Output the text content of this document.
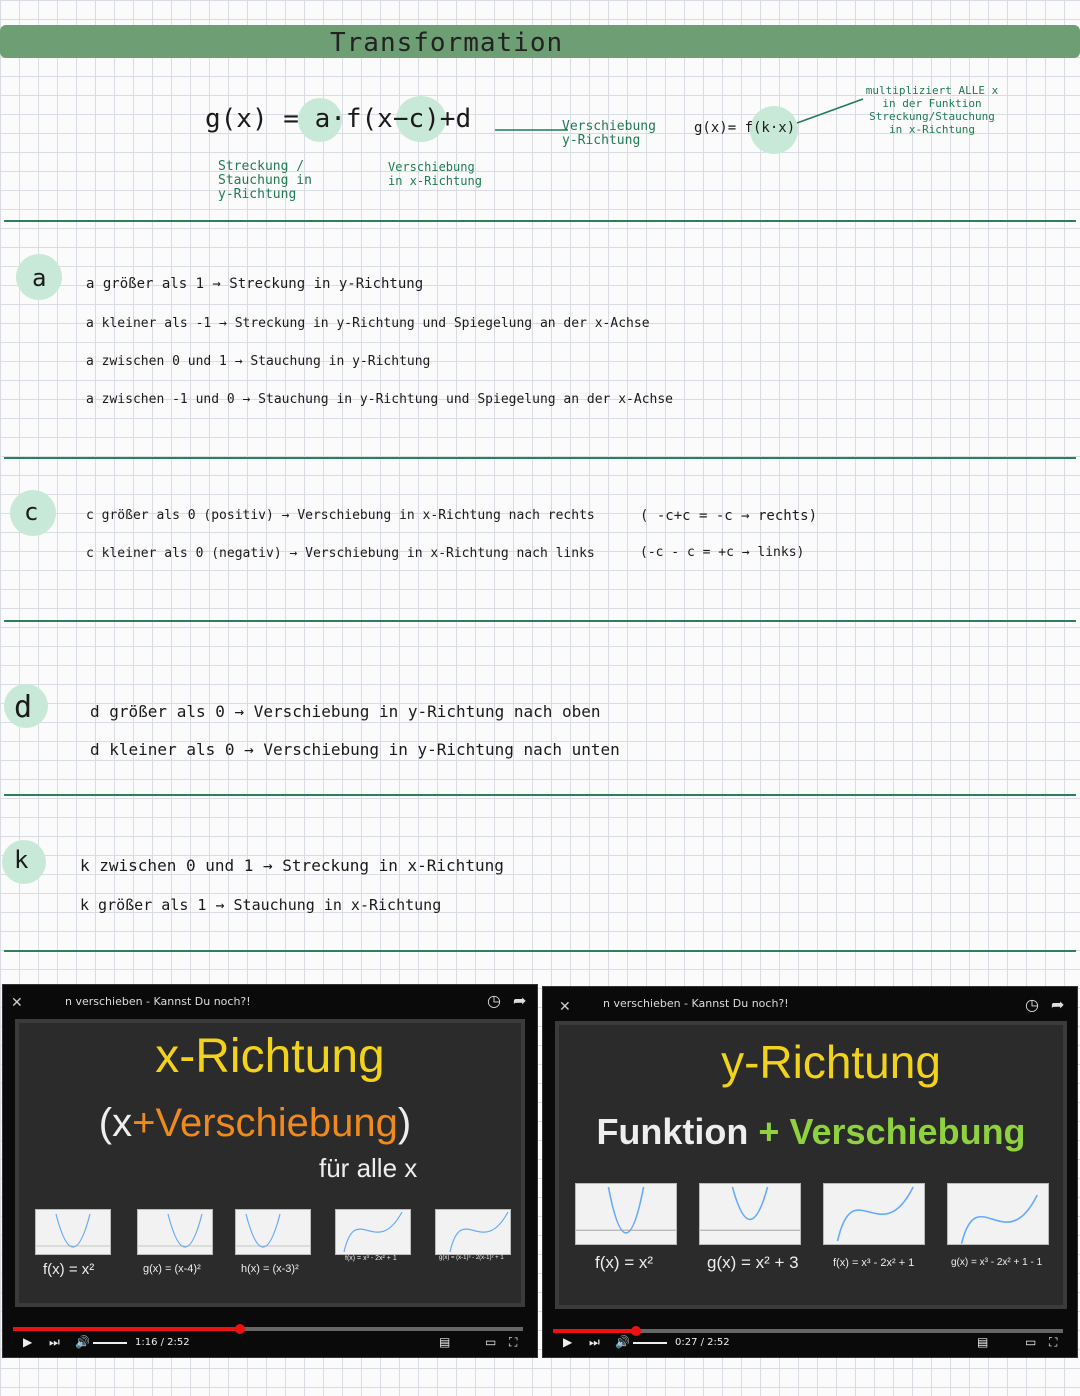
Transformation
g(x) = a·f(x−c)+d
Streckung / Stauchung in y-Richtung
Verschiebung in x-Richtung
Verschiebung y-Richtung
g(x)= f(k·x)
multipliziert ALLE x in der Funktion Streckung/Stauchung in x-Richtung
a	a größer als 1 → Streckung in y-Richtung
a kleiner als -1 → Streckung in y-Richtung und Spiegelung an der x-Achse
a zwischen 0 und 1 → Stauchung in y-Richtung
a zwischen -1 und 0 → Stauchung in y-Richtung und Spiegelung an der x-Achse
c	c größer als 0 (positiv) → Verschiebung in x-Richtung nach rechts
c kleiner als 0 (negativ) → Verschiebung in x-Richtung nach links
( -c+c = -c → rechts)
(-c - c = +c → links)
d	d größer als 0 → Verschiebung in y-Richtung nach oben
d kleiner als 0 → Verschiebung in y-Richtung nach unten
k	k zwischen 0 und 1 → Streckung in x-Richtung
k größer als 1 → Stauchung in x-Richtung
✕	n verschieben - Kannst Du noch?!	◷ ➦
x-Richtung
(x+Verschiebung)
für alle x
f(x) = x²	g(x) = (x-4)²	h(x) = (x-3)²
f(x) = x³ - 2x² + 1	g(x) = (x-1)³ - 2(x-1)² + 1
▶ ⏭ 🔊	1:16 / 2:52	▤	▭ ⛶
✕	n verschieben - Kannst Du noch?!	◷ ➦
y-Richtung
Funktion + Verschiebung
f(x) = x²	g(x) = x² + 3	f(x) = x³ - 2x² + 1	g(x) = x³ - 2x² + 1 - 1
▶ ⏭ 🔊	0:27 / 2:52	▤	▭ ⛶
